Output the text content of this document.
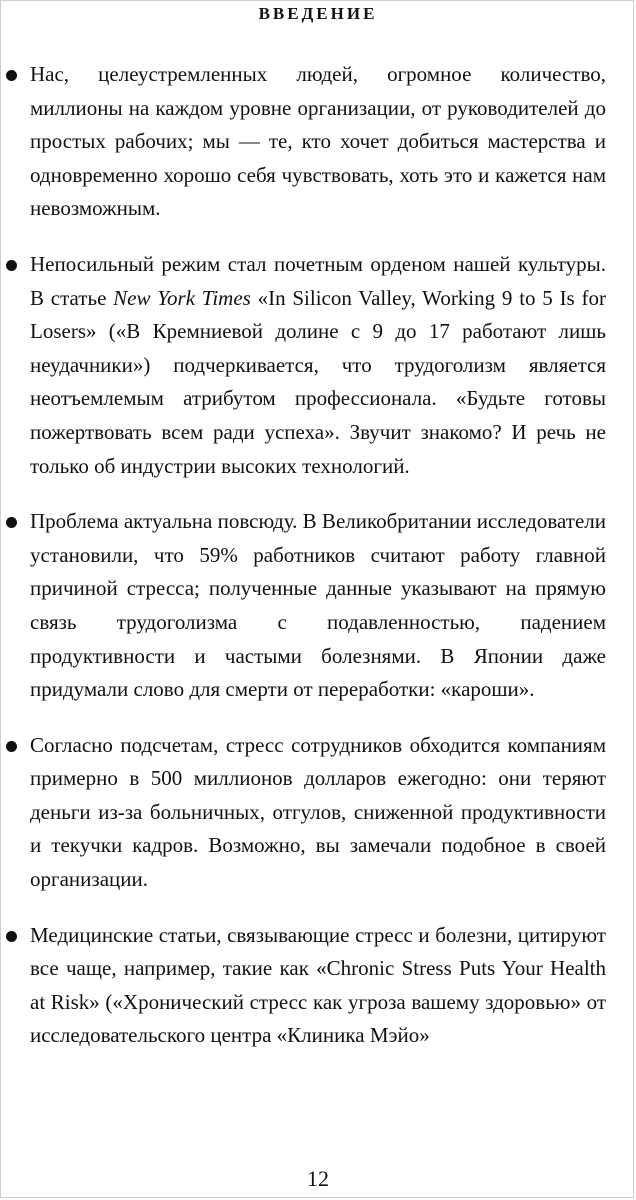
ВВЕДЕНИЕ

Нас, целеустремленных людей, огромное количество, миллионы на каждом уровне организации, от руководителей до простых рабочих; мы — те, кто хочет добиться мастерства и одновременно хорошо себя чувствовать, хоть это и кажется нам невозможным.

Непосильный режим стал почетным орденом нашей культуры. В статье New York Times «In Silicon Valley, Working 9 to 5 Is for Losers» («В Кремниевой долине с 9 до 17 работают лишь неудачники») подчеркивается, что трудоголизм является неотъемлемым атрибутом профессионала. «Будьте готовы пожертвовать всем ради успеха». Звучит знакомо? И речь не только об индустрии высоких технологий.

Проблема актуальна повсюду. В Великобритании исследователи установили, что 59% работников считают работу главной причиной стресса; полученные данные указывают на прямую связь трудоголизма с подавленностью, падением продуктивности и частыми болезнями. В Японии даже придумали слово для смерти от переработки: «кароши».

Согласно подсчетам, стресс сотрудников обходится компаниям примерно в 500 миллионов долларов ежегодно: они теряют деньги из-за больничных, отгулов, сниженной продуктивности и текучки кадров. Возможно, вы замечали подобное в своей организации.

Медицинские статьи, связывающие стресс и болезни, цитируют все чаще, например, такие как «Chronic Stress Puts Your Health at Risk» («Хронический стресс как угроза вашему здоровью» от исследовательского центра «Клиника Мэйо»

12
